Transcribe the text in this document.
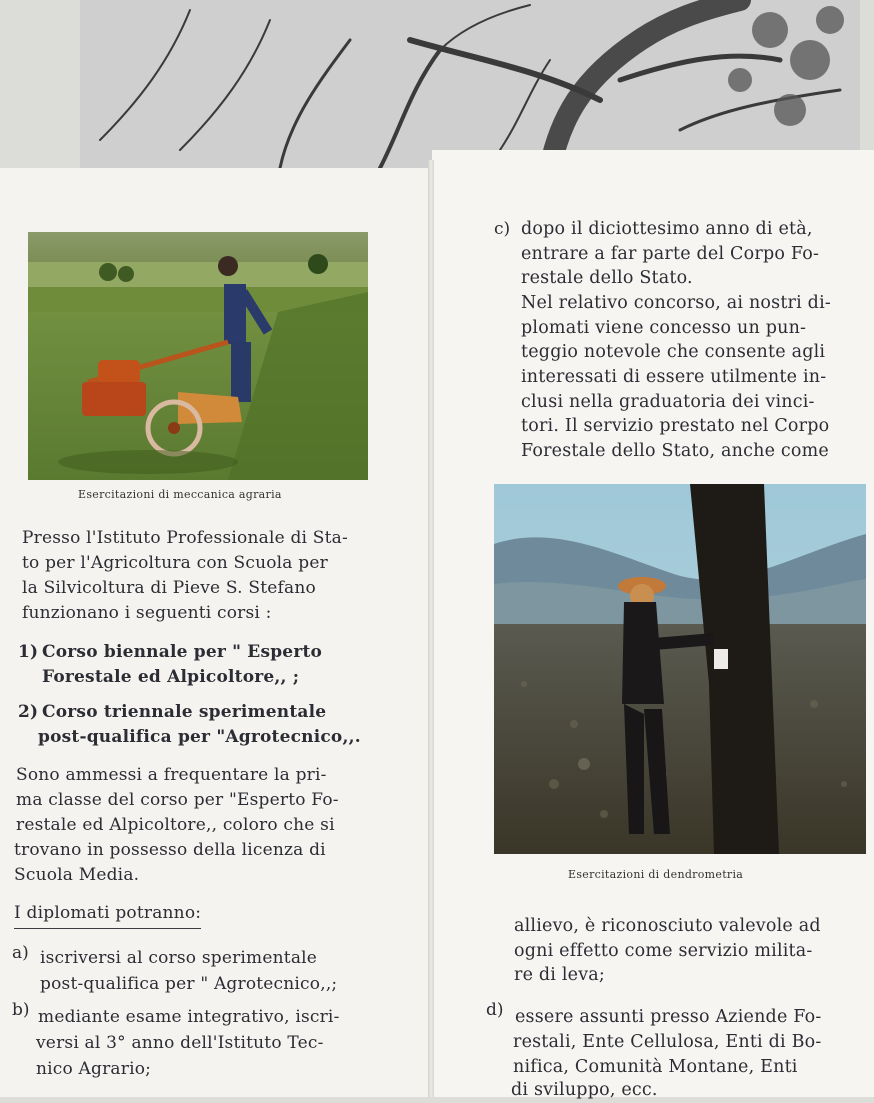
Esercitazioni di meccanica agraria
Presso l'Istituto Professionale di Sta-
to per l'Agricoltura con Scuola per
la Silvicoltura di Pieve S. Stefano
funzionano i seguenti corsi :
1) Corso biennale per " Esperto
Forestale ed Alpicoltore,, ;
2) Corso triennale sperimentale
post-qualifica per "Agrotecnico,,.
Sono ammessi a frequentare la pri-
ma classe del corso per "Esperto Fo-
restale ed Alpicoltore,, coloro che si
trovano in possesso della licenza di
Scuola Media.
I diplomati potranno:
a) iscriversi al corso sperimentale
post-qualifica per " Agrotecnico,,;
b) mediante esame integrativo, iscri-
versi al 3° anno dell'Istituto Tec-
nico Agrario;
c) dopo il diciottesimo anno di età,
entrare a far parte del Corpo Fo-
restale dello Stato.
Nel relativo concorso, ai nostri di-
plomati viene concesso un pun-
teggio notevole che consente agli
interessati di essere utilmente in-
clusi nella graduatoria dei vinci-
tori. Il servizio prestato nel Corpo
Forestale dello Stato, anche come
Esercitazioni di dendrometria
allievo, è riconosciuto valevole ad
ogni effetto come servizio milita-
re di leva;
d) essere assunti presso Aziende Fo-
restali, Ente Cellulosa, Enti di Bo-
nifica, Comunità Montane, Enti
di sviluppo, ecc.
